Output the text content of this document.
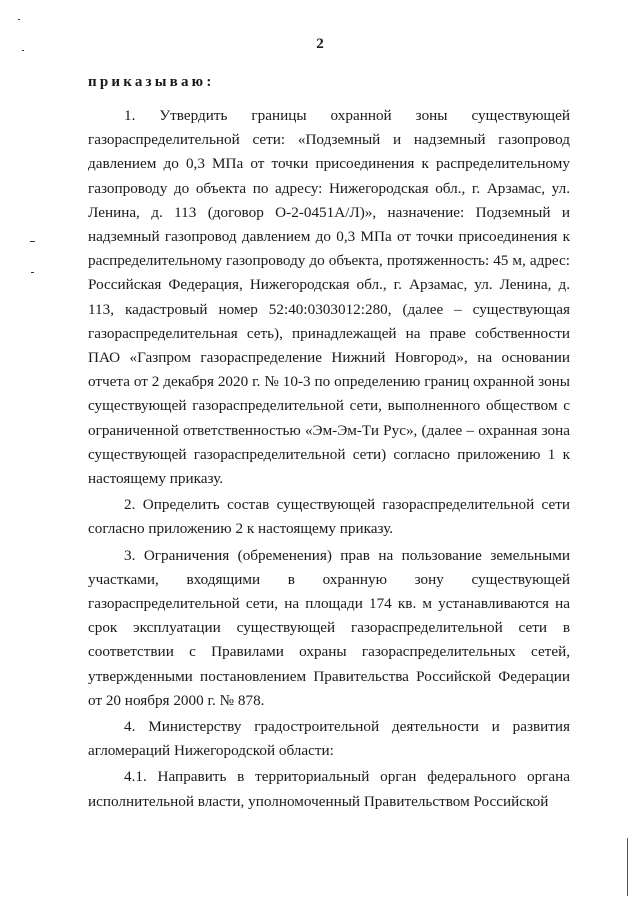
2
приказываю:

1. Утвердить границы охранной зоны существующей газораспределительной сети: «Подземный и надземный газопровод давлением до 0,3 МПа от точки присоединения к распределительному газопроводу до объекта по адресу: Нижегородская обл., г. Арзамас, ул. Ленина, д. 113 (договор О-2-0451А/Л)», назначение: Подземный и надземный газопровод давлением до 0,3 МПа от точки присоединения к распределительному газопроводу до объекта, протяженность: 45 м, адрес: Российская Федерация, Нижегородская обл., г. Арзамас, ул. Ленина, д. 113, кадастровый номер 52:40:0303012:280, (далее – существующая газораспределительная сеть), принадлежащей на праве собственности ПАО «Газпром газораспределение Нижний Новгород», на основании отчета от 2 декабря 2020 г. № 10-3 по определению границ охранной зоны существующей газораспределительной сети, выполненного обществом с ограниченной ответственностью «Эм-Эм-Ти Рус», (далее – охранная зона существующей газораспределительной сети) согласно приложению 1 к настоящему приказу.

2. Определить состав существующей газораспределительной сети согласно приложению 2 к настоящему приказу.

3. Ограничения (обременения) прав на пользование земельными участками, входящими в охранную зону существующей газораспределительной сети, на площади 174 кв. м устанавливаются на срок эксплуатации существующей газораспределительной сети в соответствии с Правилами охраны газораспределительных сетей, утвержденными постановлением Правительства Российской Федерации от 20 ноября 2000 г. № 878.

4. Министерству градостроительной деятельности и развития агломераций Нижегородской области:

4.1. Направить в территориальный орган федерального органа исполнительной власти, уполномоченный Правительством Российской
